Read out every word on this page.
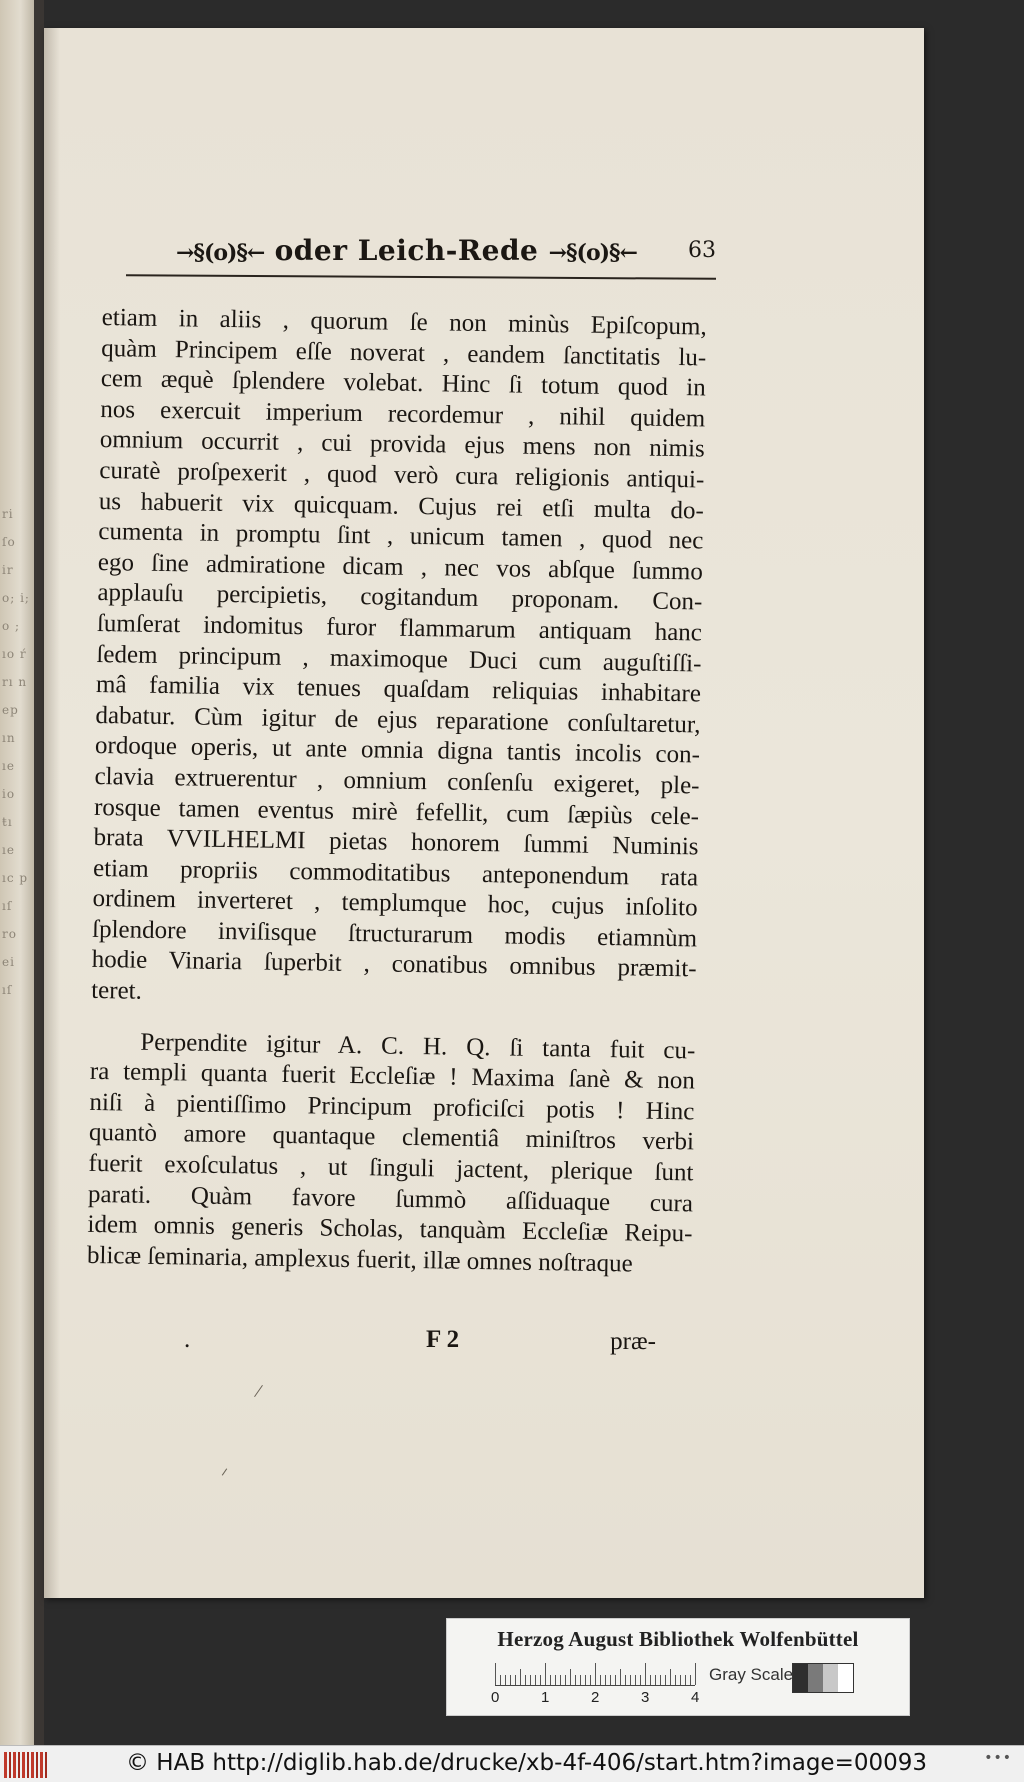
ri ſo ir o; i; o ; ıo ŕ rı n ep ın ıe io ŧı ıe ıc p ıſ ro ei ıſ
→§(o)§← oder Leich-Rede →§(o)§← 63
etiam in aliis , quorum ſe non minùs Epiſcopum,
quàm Principem eſſe noverat , eandem ſanctitatis lu-
cem æquè ſplendere volebat. Hinc ſi totum quod in
nos exercuit imperium recordemur , nihil quidem
omnium occurrit , cui provida ejus mens non nimis
curatè proſpexerit , quod verò cura religionis antiqui-
us habuerit vix quicquam. Cujus rei etſi multa do-
cumenta in promptu ſint , unicum tamen , quod nec
ego ſine admiratione dicam , nec vos abſque ſummo
applauſu percipietis, cogitandum proponam. Con-
ſumſerat indomitus furor flammarum antiquam hanc
ſedem principum , maximoque Duci cum auguſtiſſi-
mâ familia vix tenues quaſdam reliquias inhabitare
dabatur. Cùm igitur de ejus reparatione conſultaretur,
ordoque operis, ut ante omnia digna tantis incolis con-
clavia extruerentur , omnium conſenſu exigeret, ple-
rosque tamen eventus mirè fefellit, cum ſæpiùs cele-
brata VVILHELMI pietas honorem ſummi Numinis
etiam propriis commoditatibus anteponendum rata
ordinem inverteret , templumque hoc, cujus inſolito
ſplendore inviſisque ſtructurarum modis etiamnùm
hodie Vinaria ſuperbit , conatibus omnibus præmit-
teret.
Perpendite igitur A. C. H. Q. ſi tanta fuit cu-
ra templi quanta fuerit Eccleſiæ ! Maxima ſanè & non
niſi à pientiſſimo Principum proficiſci potis ! Hinc
quantò amore quantaque clementiâ miniſtros verbi
fuerit exoſculatus , ut ſinguli jactent, plerique ſunt
parati. Quàm favore ſummò aſſiduaque cura
idem omnis generis Scholas, tanquàm Eccleſiæ Reipu-
blicæ ſeminaria, amplexus fuerit, illæ omnes noſtraque
.	F 2	præ-
Herzog August Bibliothek Wolfenbüttel
0	1	2	3	4
Gray Scale
© HAB http://diglib.hab.de/drucke/xb-4f-406/start.htm?image=00093	•••
